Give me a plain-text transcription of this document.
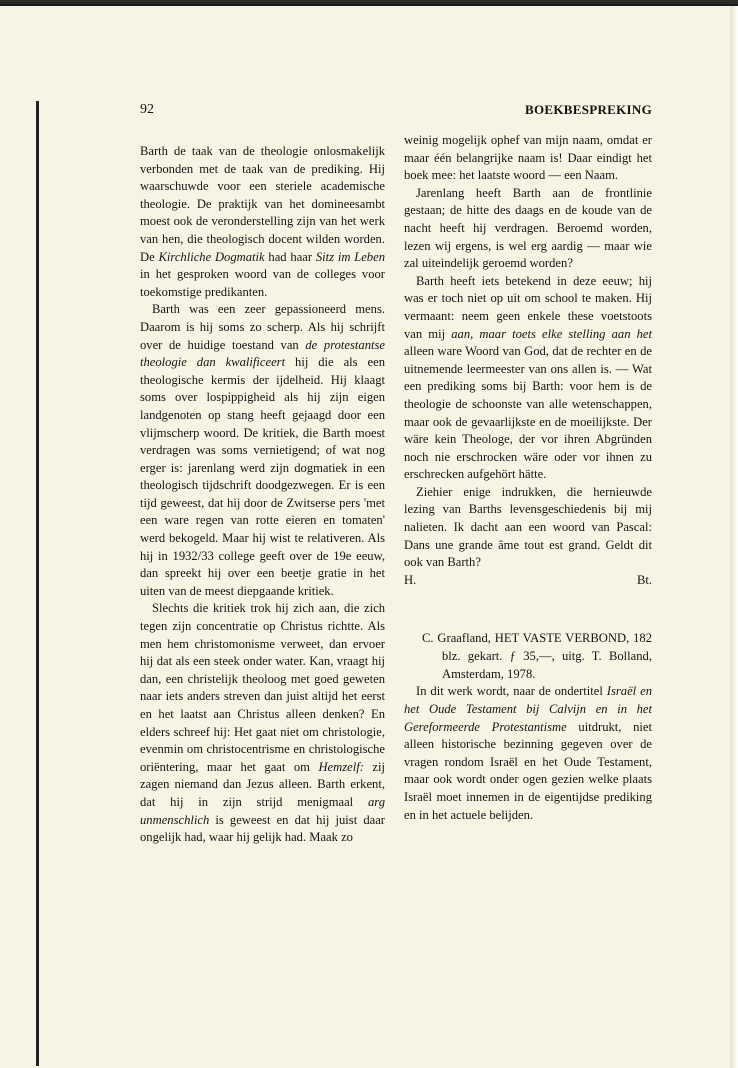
92	BOEKBESPREKING

Barth de taak van de theologie onlosmakelijk verbonden met de taak van de prediking. Hij waarschuwde voor een steriele academische theologie. De praktijk van het domineesambt moest ook de veronderstelling zijn van het werk van hen, die theologisch docent wilden worden. De Kirchliche Dogmatik had haar Sitz im Leben in het gesproken woord van de colleges voor toekomstige predikanten.

Barth was een zeer gepassioneerd mens. Daarom is hij soms zo scherp. Als hij schrijft over de huidige toestand van de protestantse theologie dan kwalificeert hij die als een theologische kermis der ijdelheid. Hij klaagt soms over lospippigheid als hij zijn eigen landgenoten op stang heeft gejaagd door een vlijmscherp woord. De kritiek, die Barth moest verdragen was soms vernietigend; of wat nog erger is: jarenlang werd zijn dogmatiek in een theologisch tijdschrift doodgezwegen. Er is een tijd geweest, dat hij door de Zwitserse pers 'met een ware regen van rotte eieren en tomaten' werd bekogeld. Maar hij wist te relativeren. Als hij in 1932/33 college geeft over de 19e eeuw, dan spreekt hij over een beetje gratie in het uiten van de meest diepgaande kritiek.

Slechts die kritiek trok hij zich aan, die zich tegen zijn concentratie op Christus richtte. Als men hem christomonisme verweet, dan ervoer hij dat als een steek onder water. Kan, vraagt hij dan, een christelijk theoloog met goed geweten naar iets anders streven dan juist altijd het eerst en het laatst aan Christus alleen denken? En elders schreef hij: Het gaat niet om christologie, evenmin om christocentrisme en christologische oriëntering, maar het gaat om Hemzelf: zij zagen niemand dan Jezus alleen. Barth erkent, dat hij in zijn strijd menigmaal arg unmenschlich is geweest en dat hij juist daar ongelijk had, waar hij gelijk had. Maak zo

weinig mogelijk ophef van mijn naam, omdat er maar één belangrijke naam is! Daar eindigt het boek mee: het laatste woord — een Naam.

Jarenlang heeft Barth aan de frontlinie gestaan; de hitte des daags en de koude van de nacht heeft hij verdragen. Beroemd worden, lezen wij ergens, is wel erg aardig — maar wie zal uiteindelijk geroemd worden?

Barth heeft iets betekend in deze eeuw; hij was er toch niet op uit om school te maken. Hij vermaant: neem geen enkele these voetstoots van mij aan, maar toets elke stelling aan het alleen ware Woord van God, dat de rechter en de uitnemende leermeester van ons allen is. — Wat een prediking soms bij Barth: voor hem is de theologie de schoonste van alle wetenschappen, maar ook de gevaarlijkste en de moeilijkste. Der wäre kein Theologe, der vor ihren Abgründen noch nie erschrocken wäre oder vor ihnen zu erschrecken aufgehört hätte.

Ziehier enige indrukken, die hernieuwde lezing van Barths levensgeschiedenis bij mij nalieten. Ik dacht aan een woord van Pascal: Dans une grande âme tout est grand. Geldt dit ook van Barth?

H.	Bt.
C. Graafland, HET VASTE VERBOND, 182 blz. gekart. ƒ 35,—, uitg. T. Bolland, Amsterdam, 1978.

In dit werk wordt, naar de ondertitel Israël en het Oude Testament bij Calvijn en in het Gereformeerde Protestantisme uitdrukt, niet alleen historische bezinning gegeven over de vragen rondom Israël en het Oude Testament, maar ook wordt onder ogen gezien welke plaats Israël moet innemen in de eigentijdse prediking en in het actuele belijden.
